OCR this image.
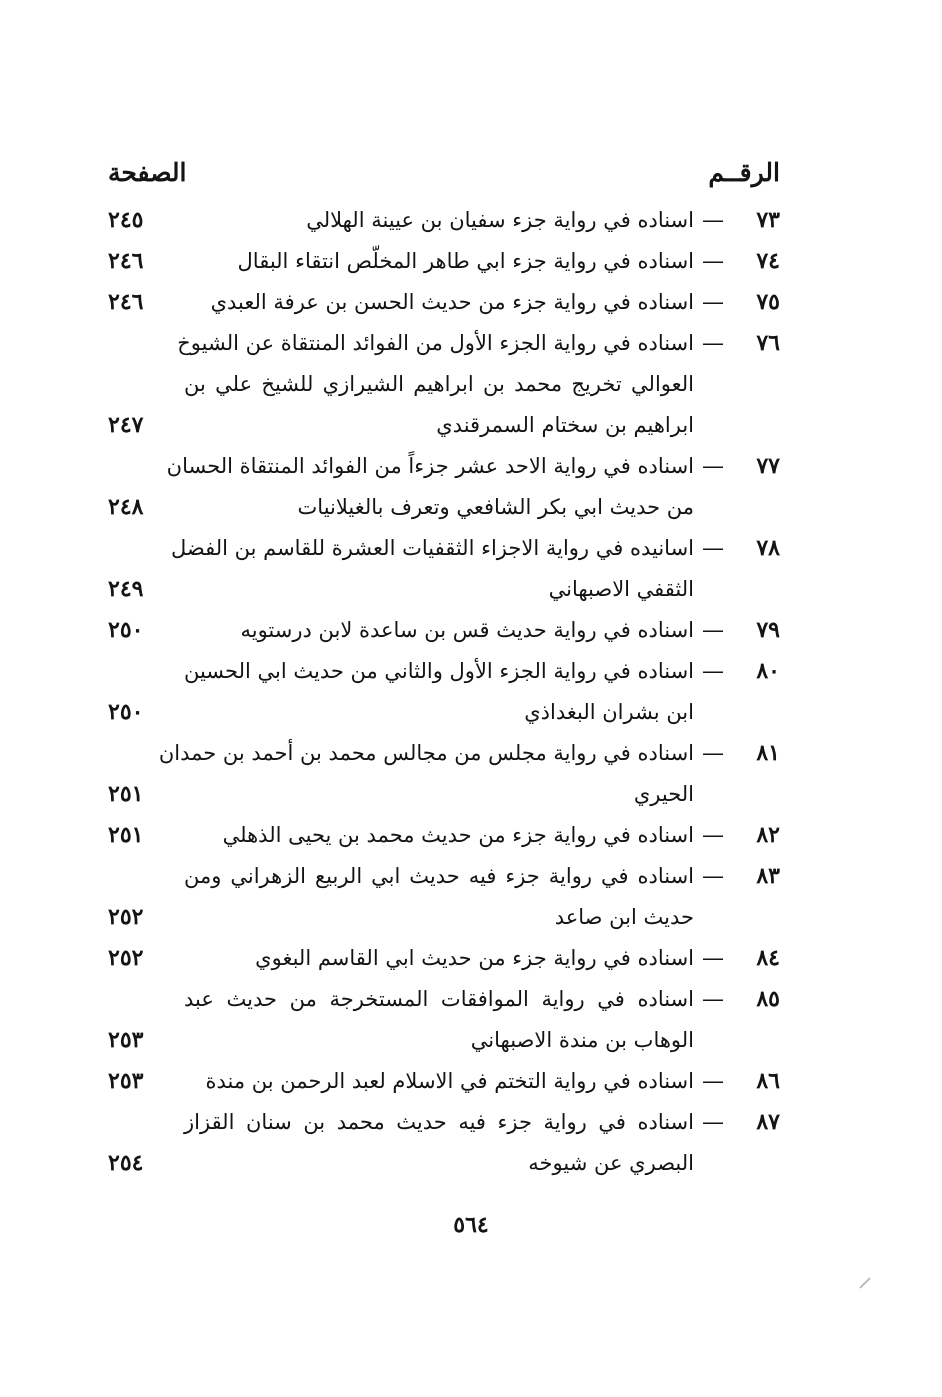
الرقــم
الصفحة
٧٣
—
اسناده في رواية جزء سفيان بن عيينة الهلالي
٢٤٥
٧٤
—
اسناده في رواية جزء ابي طاهر المخلّص انتقاء البقال
٢٤٦
٧٥
—
اسناده في رواية جزء من حديث الحسن بن عرفة العبدي
٢٤٦
٧٦
—
اسناده في رواية الجزء الأول من الفوائد المنتقاة عن الشيوخ
العوالي تخريج محمد بن ابراهيم الشيرازي للشيخ علي بن
ابراهيم بن سختام السمرقندي
٢٤٧
٧٧
—
اسناده في رواية الاحد عشر جزءاً من الفوائد المنتقاة الحسان
من حديث ابي بكر الشافعي وتعرف بالغيلانيات
٢٤٨
٧٨
—
اسانيده في رواية الاجزاء الثقفيات العشرة للقاسم بن الفضل
الثقفي الاصبهاني
٢٤٩
٧٩
—
اسناده في رواية حديث قس بن ساعدة لابن درستويه
٢٥٠
٨٠
—
اسناده في رواية الجزء الأول والثاني من حديث ابي الحسين
ابن بشران البغداذي
٢٥٠
٨١
—
اسناده في رواية مجلس من مجالس محمد بن أحمد بن حمدان
الحيري
٢٥١
٨٢
—
اسناده في رواية جزء من حديث محمد بن يحيى الذهلي
٢٥١
٨٣
—
اسناده في رواية جزء فيه حديث ابي الربيع الزهراني ومن
حديث ابن صاعد
٢٥٢
٨٤
—
اسناده في رواية جزء من حديث ابي القاسم البغوي
٢٥٢
٨٥
—
اسناده في رواية الموافقات المستخرجة من حديث عبد
الوهاب بن مندة الاصبهاني
٢٥٣
٨٦
—
اسناده في رواية التختم في الاسلام لعبد الرحمن بن مندة
٢٥٣
٨٧
—
اسناده في رواية جزء فيه حديث محمد بن سنان القزاز
البصري عن شيوخه
٢٥٤
٥٦٤
